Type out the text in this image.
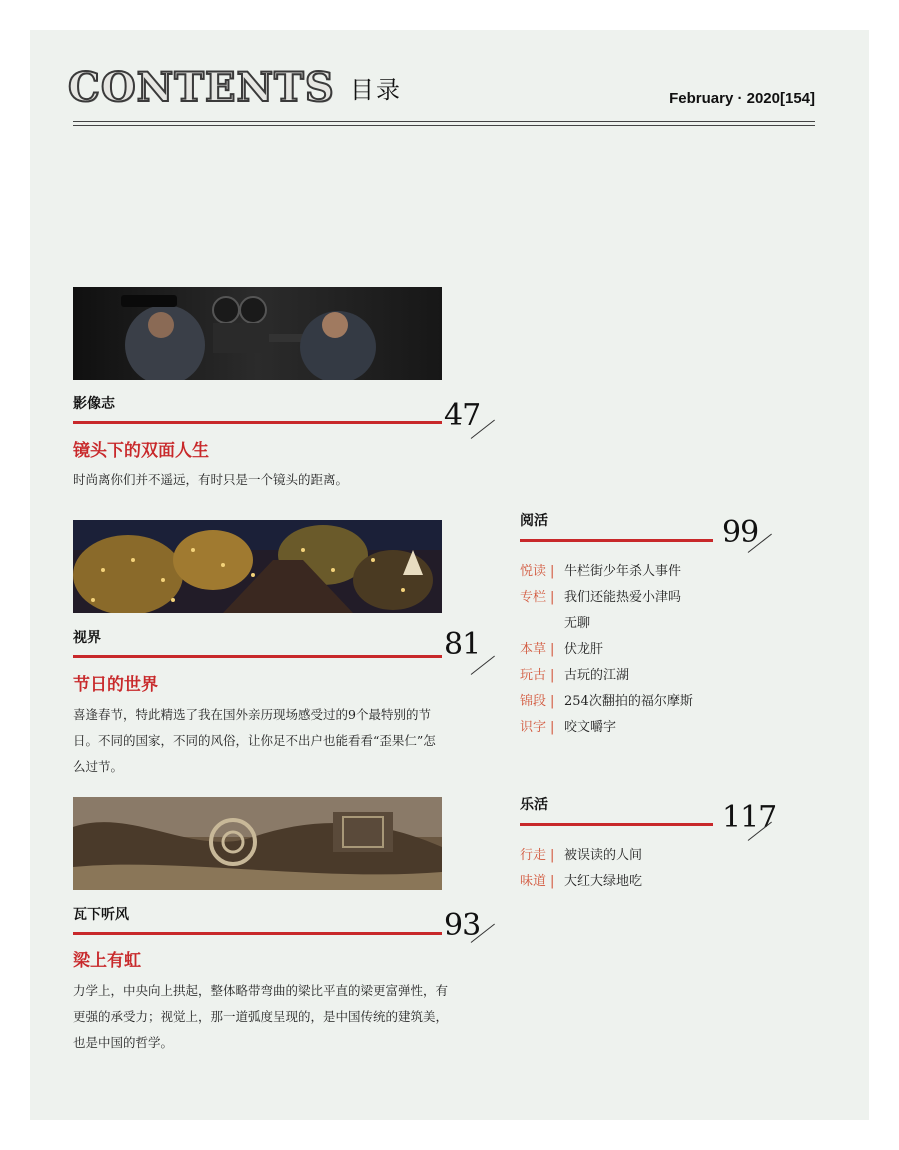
CONTENTS 目录	February · 2020[154]
影像志	47
镜头下的双面人生
时尚离你们并不遥远，有时只是一个镜头的距离。
视界	81
节日的世界
喜逢春节，特此精选了我在国外亲历现场感受过的9个最特别的节日。不同的国家，不同的风俗，让你足不出户也能看看“歪果仁”怎么过节。
瓦下听风	93
梁上有虹
力学上，中央向上拱起，整体略带弯曲的梁比平直的梁更富弹性，有更强的承受力；视觉上，那一道弧度呈现的，是中国传统的建筑美，也是中国的哲学。
阅活	99
悦读 | 牛栏街少年杀人事件
专栏 | 我们还能热爱小津吗
无聊
本草 | 伏龙肝
玩古 | 古玩的江湖
锦段 | 254次翻拍的福尔摩斯
识字 | 咬文嚼字
乐活	117
行走 | 被误读的人间
味道 | 大红大绿地吃
